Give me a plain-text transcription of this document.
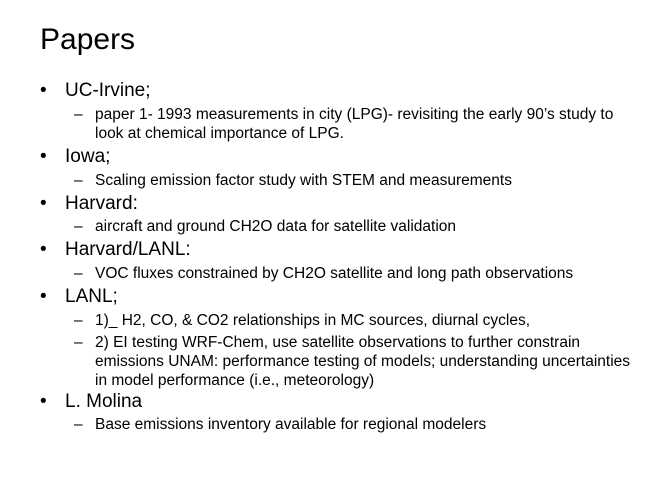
Papers
• UC-Irvine;
– paper 1- 1993 measurements in city (LPG)- revisiting the early 90’s study to look at chemical importance of LPG.
• Iowa;
– Scaling emission factor study with STEM and measurements
• Harvard:
– aircraft and ground CH2O data for satellite validation
• Harvard/LANL:
– VOC fluxes constrained by CH2O satellite and long path observations
• LANL;
– 1)_ H2, CO, & CO2 relationships in MC sources, diurnal cycles,
– 2) EI testing WRF-Chem, use satellite observations to further constrain emissions UNAM: performance testing of models; understanding uncertainties in model performance (i.e., meteorology)
• L. Molina
– Base emissions inventory available for regional modelers
